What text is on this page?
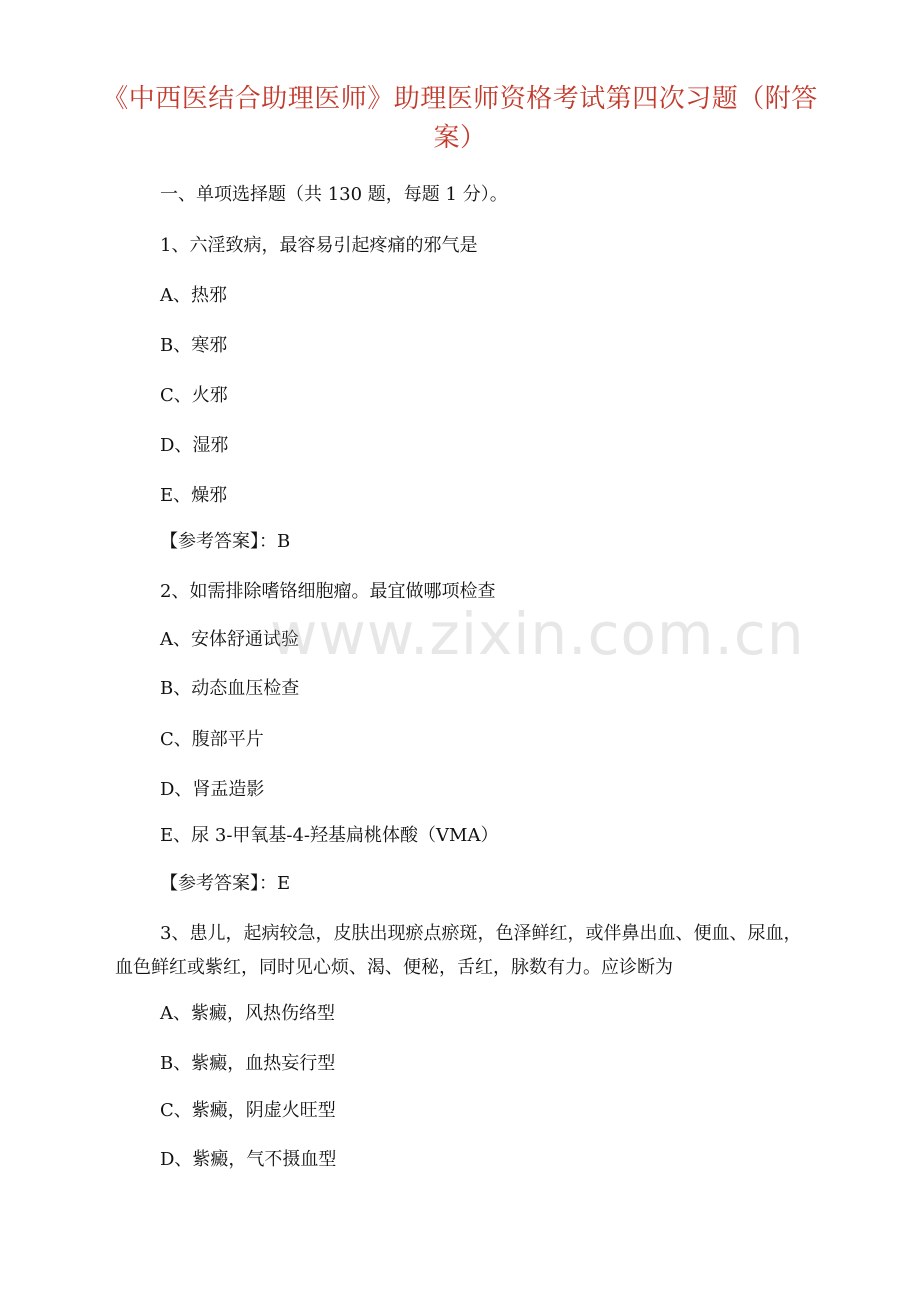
《中西医结合助理医师》助理医师资格考试第四次习题（附答案）
一、单项选择题（共 130 题，每题 1 分）。
1、六淫致病，最容易引起疼痛的邪气是
A、热邪
B、寒邪
C、火邪
D、湿邪
E、燥邪
【参考答案】：B
2、如需排除嗜铬细胞瘤。最宜做哪项检查
A、安体舒通试验
B、动态血压检查
C、腹部平片
D、肾盂造影
E、尿 3-甲氧基-4-羟基扁桃体酸（VMA）
【参考答案】：E
3、患儿，起病较急，皮肤出现瘀点瘀斑，色泽鲜红，或伴鼻出血、便血、尿血，血色鲜红或紫红，同时见心烦、渴、便秘，舌红，脉数有力。应诊断为
A、紫癜，风热伤络型
B、紫癜，血热妄行型
C、紫癜，阴虚火旺型
D、紫癜，气不摄血型
www.zixin.com.cn
